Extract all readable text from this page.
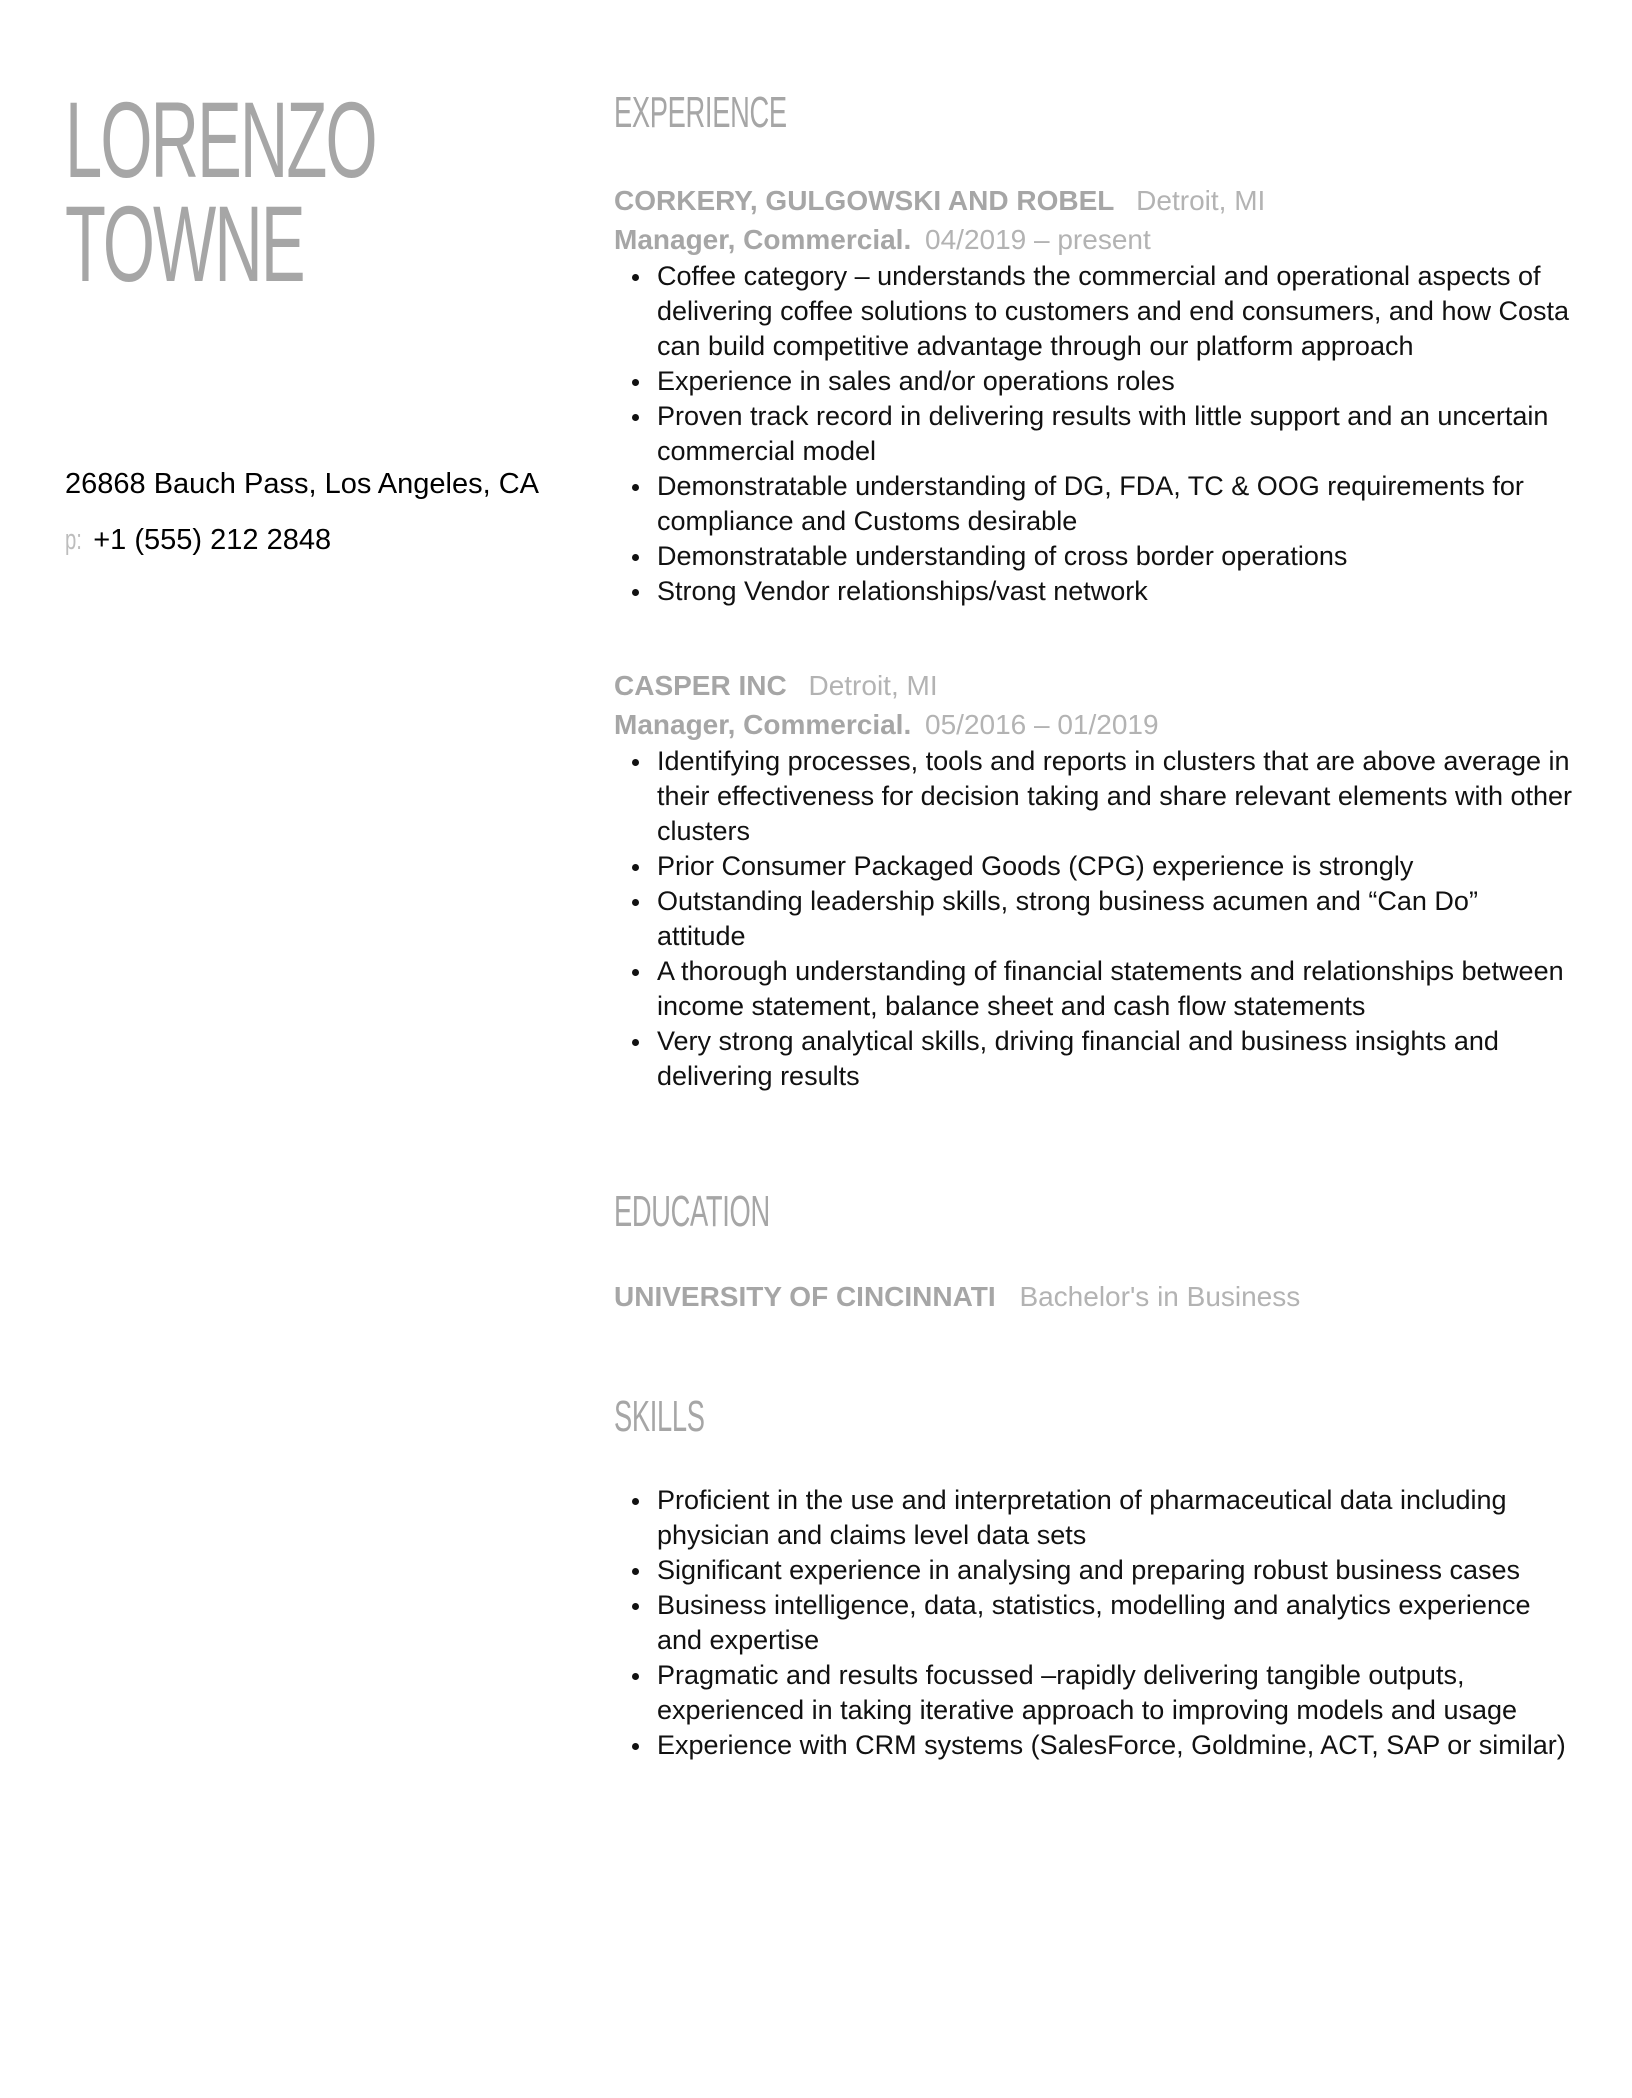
LORENZO
TOWNE
26868 Bauch Pass, Los Angeles, CA
p: +1 (555) 212 2848
EXPERIENCE
CORKERY, GULGOWSKI AND ROBEL Detroit, MI
Manager, Commercial. 04/2019 – present
Coffee category – understands the commercial and operational aspects of delivering coffee solutions to customers and end consumers, and how Costa can build competitive advantage through our platform approach
Experience in sales and/or operations roles
Proven track record in delivering results with little support and an uncertain commercial model
Demonstratable understanding of DG, FDA, TC & OOG requirements for compliance and Customs desirable
Demonstratable understanding of cross border operations
Strong Vendor relationships/vast network
CASPER INC Detroit, MI
Manager, Commercial. 05/2016 – 01/2019
Identifying processes, tools and reports in clusters that are above average in their effectiveness for decision taking and share relevant elements with other clusters
Prior Consumer Packaged Goods (CPG) experience is strongly
Outstanding leadership skills, strong business acumen and “Can Do” attitude
A thorough understanding of financial statements and relationships between income statement, balance sheet and cash flow statements
Very strong analytical skills, driving financial and business insights and delivering results
EDUCATION
UNIVERSITY OF CINCINNATI Bachelor's in Business
SKILLS
Proficient in the use and interpretation of pharmaceutical data including physician and claims level data sets
Significant experience in analysing and preparing robust business cases
Business intelligence, data, statistics, modelling and analytics experience and expertise
Pragmatic and results focussed –rapidly delivering tangible outputs, experienced in taking iterative approach to improving models and usage
Experience with CRM systems (SalesForce, Goldmine, ACT, SAP or similar)
